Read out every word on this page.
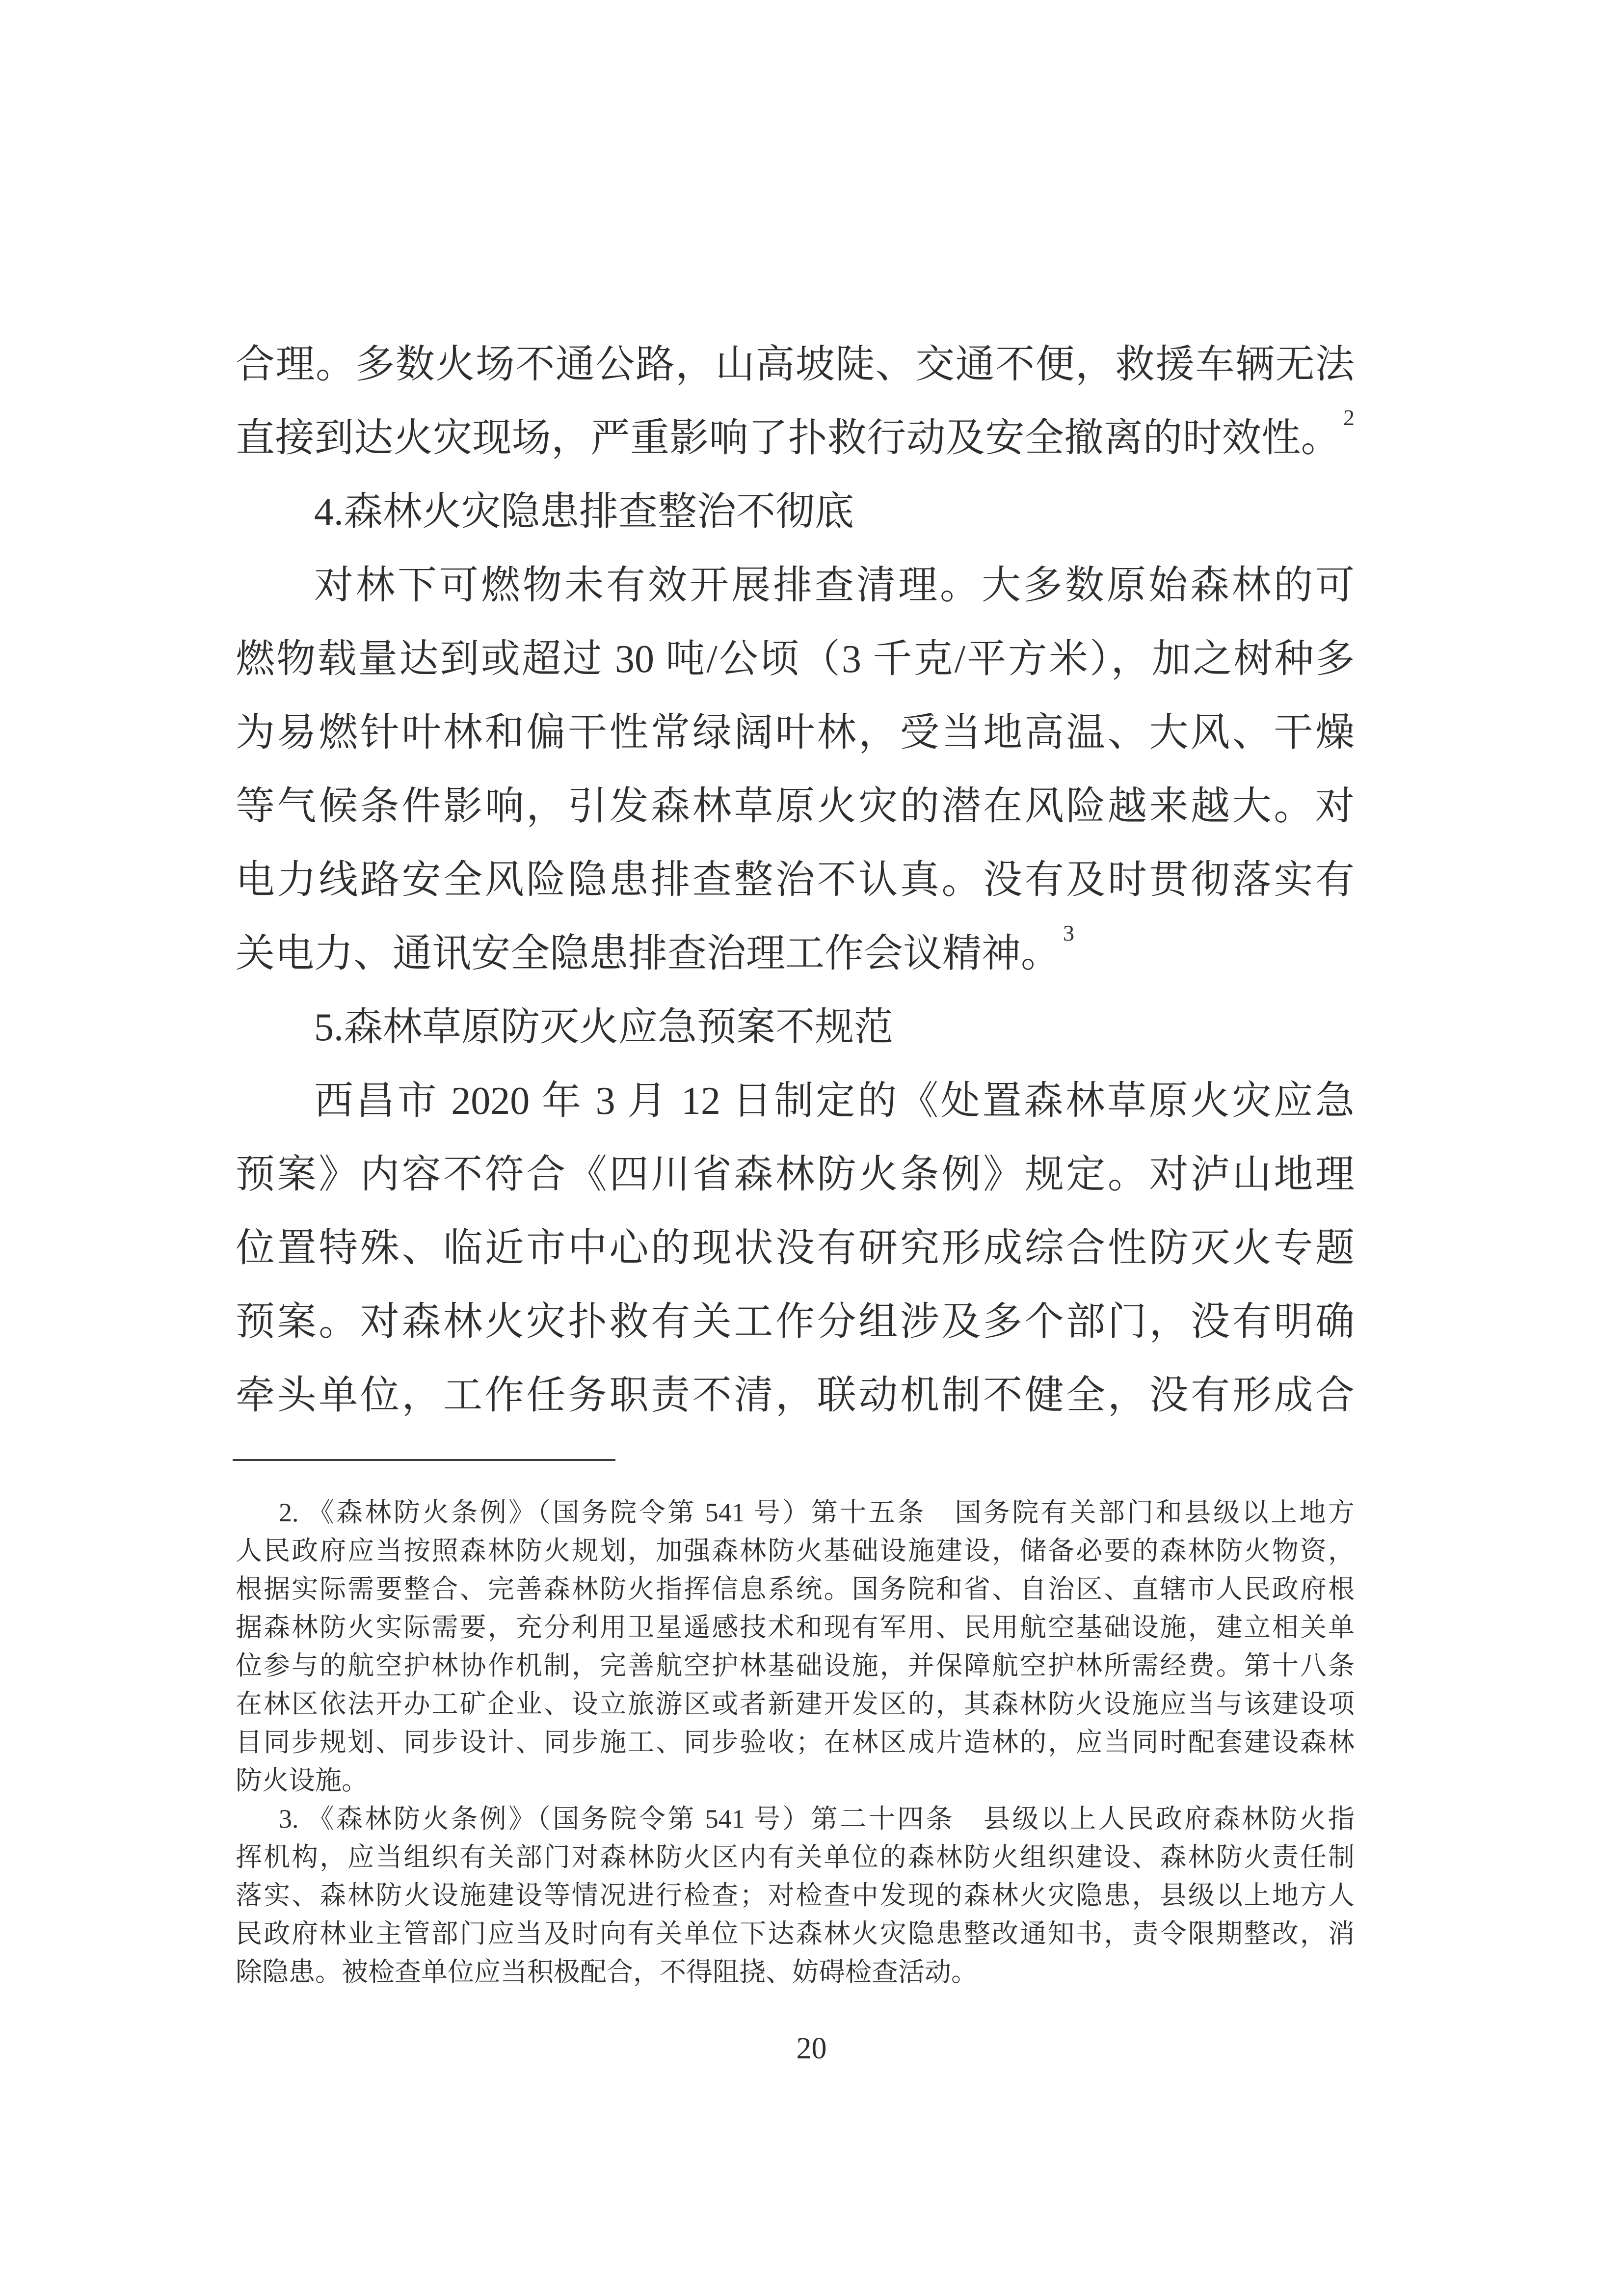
合理。多数火场不通公路，山高坡陡、交通不便，救援车辆无法

直接到达火灾现场，严重影响了扑救行动及安全撤离的时效性。 $^2$

4.森林火灾隐患排查整治不彻底

对林下可燃物未有效开展排查清理。大多数原始森林的可

燃物载量达到或超过 30 吨/公顷（3 千克/平方米），加之树种多

为易燃针叶林和偏干性常绿阔叶林，受当地高温、大风、干燥

等气候条件影响，引发森林草原火灾的潜在风险越来越大。对

电力线路安全风险隐患排查整治不认真。没有及时贯彻落实有

关电力、通讯安全隐患排查治理工作会议精神。 $^3$

5.森林草原防灭火应急预案不规范

西昌市 2020 年 3 月 12 日制定的《处置森林草原火灾应急

预案》内容不符合《四川省森林防火条例》规定。对泸山地理

位置特殊、临近市中心的现状没有研究形成综合性防灭火专题

预案。对森林火灾扑救有关工作分组涉及多个部门，没有明确

牵头单位，工作任务职责不清，联动机制不健全，没有形成合

2. 《森林防火条例》（国务院令第 541 号）第十五条　国务院有关部门和县级以上地方

人民政府应当按照森林防火规划，加强森林防火基础设施建设，储备必要的森林防火物资，

根据实际需要整合、完善森林防火指挥信息系统。国务院和省、自治区、直辖市人民政府根

据森林防火实际需要，充分利用卫星遥感技术和现有军用、民用航空基础设施，建立相关单

位参与的航空护林协作机制，完善航空护林基础设施，并保障航空护林所需经费。第十八条

在林区依法开办工矿企业、设立旅游区或者新建开发区的，其森林防火设施应当与该建设项

目同步规划、同步设计、同步施工、同步验收；在林区成片造林的，应当同时配套建设森林

防火设施。

3. 《森林防火条例》（国务院令第 541 号）第二十四条　县级以上人民政府森林防火指

挥机构，应当组织有关部门对森林防火区内有关单位的森林防火组织建设、森林防火责任制

落实、森林防火设施建设等情况进行检查；对检查中发现的森林火灾隐患，县级以上地方人

民政府林业主管部门应当及时向有关单位下达森林火灾隐患整改通知书，责令限期整改，消

除隐患。被检查单位应当积极配合，不得阻挠、妨碍检查活动。

20
